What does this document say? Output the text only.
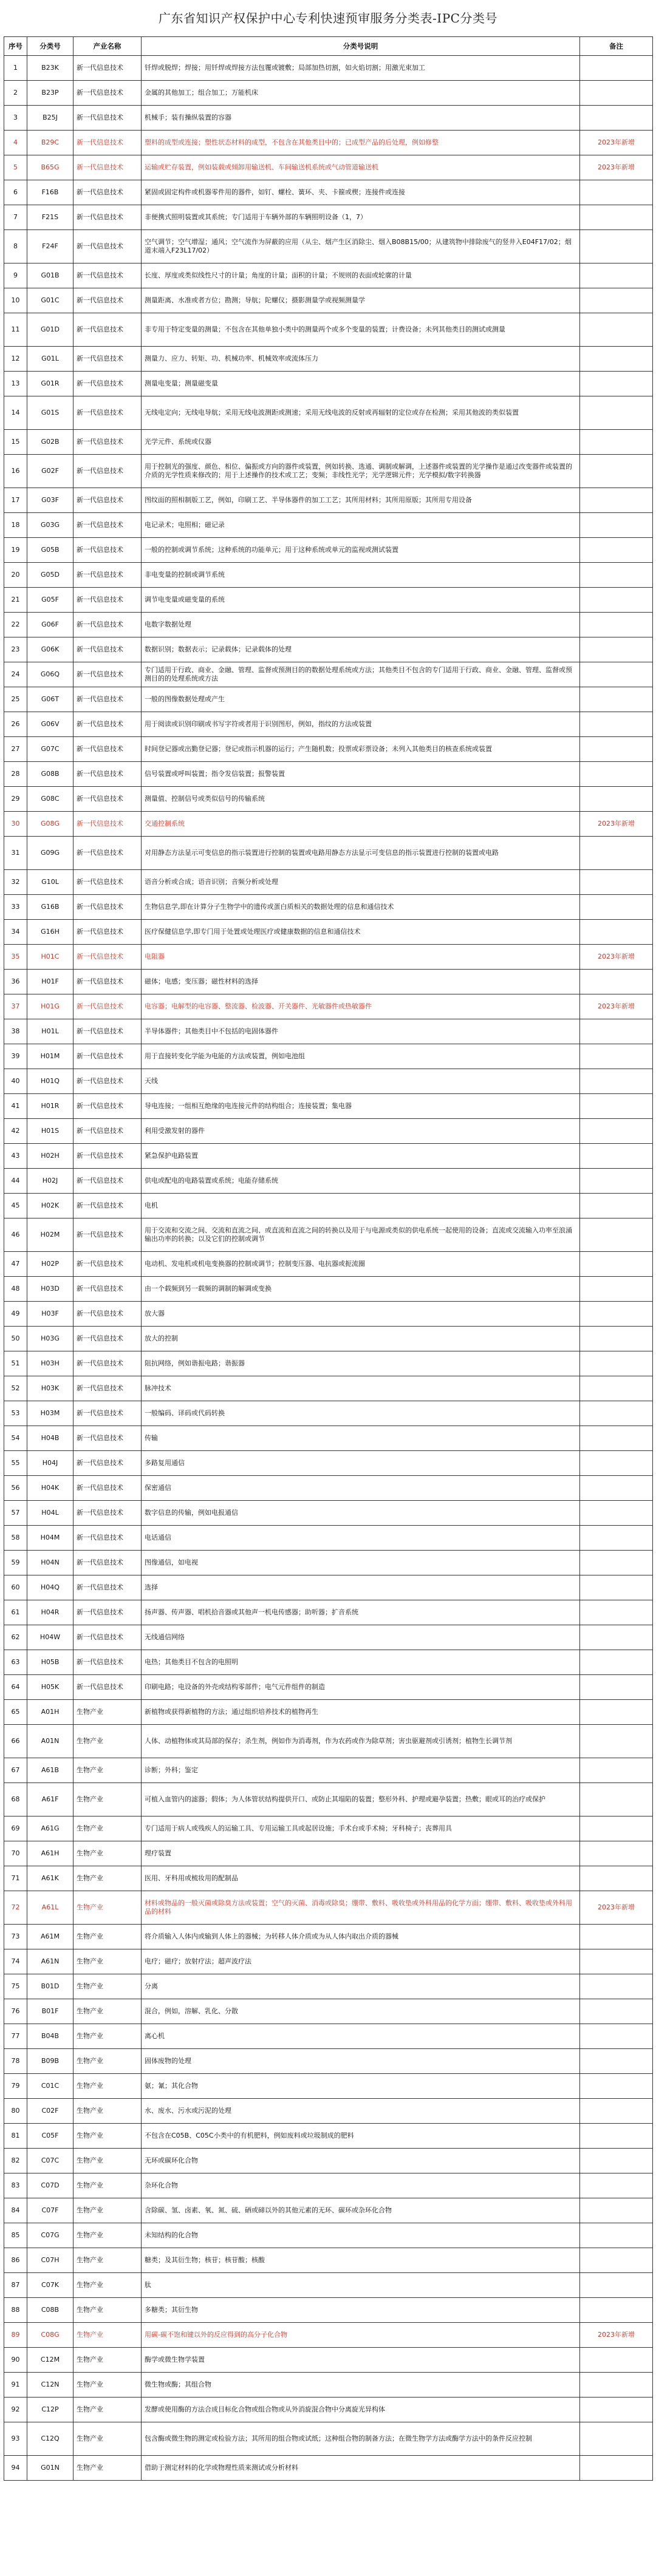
广东省知识产权保护中心专利快速预审服务分类表-IPC分类号
序号	分类号	产业名称	分类号说明	备注
1	B23K	新一代信息技术	钎焊或脱焊；焊接；用钎焊或焊接方法包覆或镀敷；局部加热切割，如火焰切割；用激光束加工	
2	B23P	新一代信息技术	金属的其他加工；组合加工；万能机床	
3	B25J	新一代信息技术	机械手；装有操纵装置的容器	
4	B29C	新一代信息技术	塑料的成型或连接；塑性状态材料的成型，不包含在其他类目中的；已成型产品的后处理，例如修整	2023年新增
5	B65G	新一代信息技术	运输或贮存装置，例如装载或倾卸用输送机、车间输送机系统或气动管道输送机	2023年新增
6	F16B	新一代信息技术	紧固或固定构件或机器零件用的器件，如钉、螺栓、簧环、夹、卡箍或楔；连接件或连接	
7	F21S	新一代信息技术	非便携式照明装置或其系统；专门适用于车辆外部的车辆照明设备（1，7）	
8	F24F	新一代信息技术	空气调节；空气增湿；通风；空气流作为屏蔽的应用（从尘、烟产生区消除尘、烟入B08B15/00；从建筑物中排除废气的竖井入E04F17/02；烟道末端入F23L17/02）	
9	G01B	新一代信息技术	长度、厚度或类似线性尺寸的计量；角度的计量；面积的计量；不规则的表面或轮廓的计量	
10	G01C	新一代信息技术	测量距离、水准或者方位；勘测；导航；陀螺仪；摄影测量学或视频测量学	
11	G01D	新一代信息技术	非专用于特定变量的测量；不包含在其他单独小类中的测量两个或多个变量的装置；计费设备；未列其他类目的测试或测量	
12	G01L	新一代信息技术	测量力、应力、转矩、功、机械功率、机械效率或流体压力	
13	G01R	新一代信息技术	测量电变量；测量磁变量	
14	G01S	新一代信息技术	无线电定向；无线电导航；采用无线电波测距或测速；采用无线电波的反射或再辐射的定位或存在检测；采用其他波的类似装置	
15	G02B	新一代信息技术	光学元件、系统或仪器	
16	G02F	新一代信息技术	用于控制光的强度、颜色、相位、偏振或方向的器件或装置，例如转换、选通、调制或解调，上述器件或装置的光学操作是通过改变器件或装置的介质的光学性质来修改的；用于上述操作的技术或工艺；变频；非线性光学；光学逻辑元件；光学模拟/数字转换器	
17	G03F	新一代信息技术	图纹面的照相制版工艺，例如，印刷工艺、半导体器件的加工工艺；其所用材料；其所用原版；其所用专用设备	
18	G03G	新一代信息技术	电记录术；电照相；磁记录	
19	G05B	新一代信息技术	一般的控制或调节系统；这种系统的功能单元；用于这种系统或单元的监视或测试装置	
20	G05D	新一代信息技术	非电变量的控制或调节系统	
21	G05F	新一代信息技术	调节电变量或磁变量的系统	
22	G06F	新一代信息技术	电数字数据处理	
23	G06K	新一代信息技术	数据识别；数据表示；记录载体；记录载体的处理	
24	G06Q	新一代信息技术	专门适用于行政、商业、金融、管理、监督或预测目的的数据处理系统或方法；其他类目不包含的专门适用于行政、商业、金融、管理、监督或预测目的的处理系统或方法	
25	G06T	新一代信息技术	一般的图像数据处理或产生	
26	G06V	新一代信息技术	用于阅读或识别印刷或书写字符或者用于识别图形，例如，指纹的方法或装置	
27	G07C	新一代信息技术	时间登记器或出勤登记器；登记或指示机器的运行；产生随机数；投票或彩票设备；未列入其他类目的核查系统或装置	
28	G08B	新一代信息技术	信号装置或呼叫装置；指令发信装置；报警装置	
29	G08C	新一代信息技术	测量值、控制信号或类似信号的传输系统	
30	G08G	新一代信息技术	交通控制系统	2023年新增
31	G09G	新一代信息技术	对用静态方法显示可变信息的指示装置进行控制的装置或电路用静态方法显示可变信息的指示装置进行控制的装置或电路	
32	G10L	新一代信息技术	语音分析或合成；语音识别；音频分析或处理	
33	G16B	新一代信息技术	生物信息学,即在计算分子生物学中的遗传或蛋白质相关的数据处理的信息和通信技术	
34	G16H	新一代信息技术	医疗保健信息学,即专门用于处置或处理医疗或健康数据的信息和通信技术	
35	H01C	新一代信息技术	电阻器	2023年新增
36	H01F	新一代信息技术	磁体；电感；变压器；磁性材料的选择	
37	H01G	新一代信息技术	电容器；电解型的电容器、整流器、检波器、开关器件、光敏器件或热敏器件	2023年新增
38	H01L	新一代信息技术	半导体器件；其他类目中不包括的电固体器件	
39	H01M	新一代信息技术	用于直接转变化学能为电能的方法或装置，例如电池组	
40	H01Q	新一代信息技术	天线	
41	H01R	新一代信息技术	导电连接；一组相互绝缘的电连接元件的结构组合；连接装置；集电器	
42	H01S	新一代信息技术	利用受激发射的器件	
43	H02H	新一代信息技术	紧急保护电路装置	
44	H02J	新一代信息技术	供电或配电的电路装置或系统；电能存储系统	
45	H02K	新一代信息技术	电机	
46	H02M	新一代信息技术	用于交流和交流之间、交流和直流之间、或直流和直流之间的转换以及用于与电源或类似的供电系统一起使用的设备；直流或交流输入功率至浪涌输出功率的转换；以及它们的控制或调节	
47	H02P	新一代信息技术	电动机、发电机或机电变换器的控制或调节；控制变压器、电抗器或扼流圈	
48	H03D	新一代信息技术	由一个载频到另一载频的调制的解调或变换	
49	H03F	新一代信息技术	放大器	
50	H03G	新一代信息技术	放大的控制	
51	H03H	新一代信息技术	阻抗网络，例如谐振电路；谐振器	
52	H03K	新一代信息技术	脉冲技术	
53	H03M	新一代信息技术	一般编码、译码或代码转换	
54	H04B	新一代信息技术	传输	
55	H04J	新一代信息技术	多路复用通信	
56	H04K	新一代信息技术	保密通信	
57	H04L	新一代信息技术	数字信息的传输，例如电报通信	
58	H04M	新一代信息技术	电话通信	
59	H04N	新一代信息技术	图像通信，如电视	
60	H04Q	新一代信息技术	选择	
61	H04R	新一代信息技术	扬声器、传声器、唱机拾音器或其他声一机电传感器；助听器；扩音系统	
62	H04W	新一代信息技术	无线通信网络	
63	H05B	新一代信息技术	电热；其他类目不包含的电照明	
64	H05K	新一代信息技术	印刷电路；电设备的外壳或结构零部件；电气元件组件的制造	
65	A01H	生物产业	新植物或获得新植物的方法；通过组织培养技术的植物再生	
66	A01N	生物产业	人体、动植物体或其局部的保存；杀生剂，例如作为消毒剂，作为农药或作为除草剂；害虫驱避剂或引诱剂；植物生长调节剂	
67	A61B	生物产业	诊断；外科；鉴定	
68	A61F	生物产业	可植入血管内的滤器；假体；为人体管状结构提供开口、或防止其塌陷的装置；整形外科、护理或避孕装置；热敷；眼或耳的治疗或保护	
69	A61G	生物产业	专门适用于病人或残疾人的运输工具、专用运输工具或起居设施；手术台或手术椅；牙科椅子；丧葬用具	
70	A61H	生物产业	理疗装置	
71	A61K	生物产业	医用、牙科用或梳妆用的配制品	
72	A61L	生物产业	材料或物品的一般灭菌或除臭方法或装置；空气的灭菌、消毒或除臭；绷带、敷料、吸收垫或外科用品的化学方面；绷带、敷料、吸收垫或外科用品的材料	2023年新增
73	A61M	生物产业	将介质输入人体内或输到人体上的器械；为转移人体介质或为从人体内取出介质的器械	
74	A61N	生物产业	电疗；磁疗；放射疗法；超声波疗法	
75	B01D	生物产业	分离	
76	B01F	生物产业	混合，例如，溶解、乳化、分散	
77	B04B	生物产业	离心机	
78	B09B	生物产业	固体废物的处理	
79	C01C	生物产业	氨；氰；其化合物	
80	C02F	生物产业	水、废水、污水或污泥的处理	
81	C05F	生物产业	不包含在C05B、C05C小类中的有机肥料，例如废料或垃圾制成的肥料	
82	C07C	生物产业	无环或碳环化合物	
83	C07D	生物产业	杂环化合物	
84	C07F	生物产业	含除碳、氢、卤素、氧、氮、硫、硒或碲以外的其他元素的无环、碳环或杂环化合物	
85	C07G	生物产业	未知结构的化合物	
86	C07H	生物产业	糖类；及其衍生物；核苷；核苷酸；核酸	
87	C07K	生物产业	肽	
88	C08B	生物产业	多糖类；其衍生物	
89	C08G	生物产业	用碳-碳不饱和键以外的反应得到的高分子化合物	2023年新增
90	C12M	生物产业	酶学或微生物学装置	
91	C12N	生物产业	微生物或酶；其组合物	
92	C12P	生物产业	发酵或使用酶的方法合成目标化合物或组合物或从外消旋混合物中分离旋光异构体	
93	C12Q	生物产业	包含酶或微生物的测定或检验方法；其所用的组合物或试纸；这种组合物的制备方法；在微生物学方法或酶学方法中的条件反应控制	
94	G01N	生物产业	借助于测定材料的化学或物理性质来测试或分析材料	
